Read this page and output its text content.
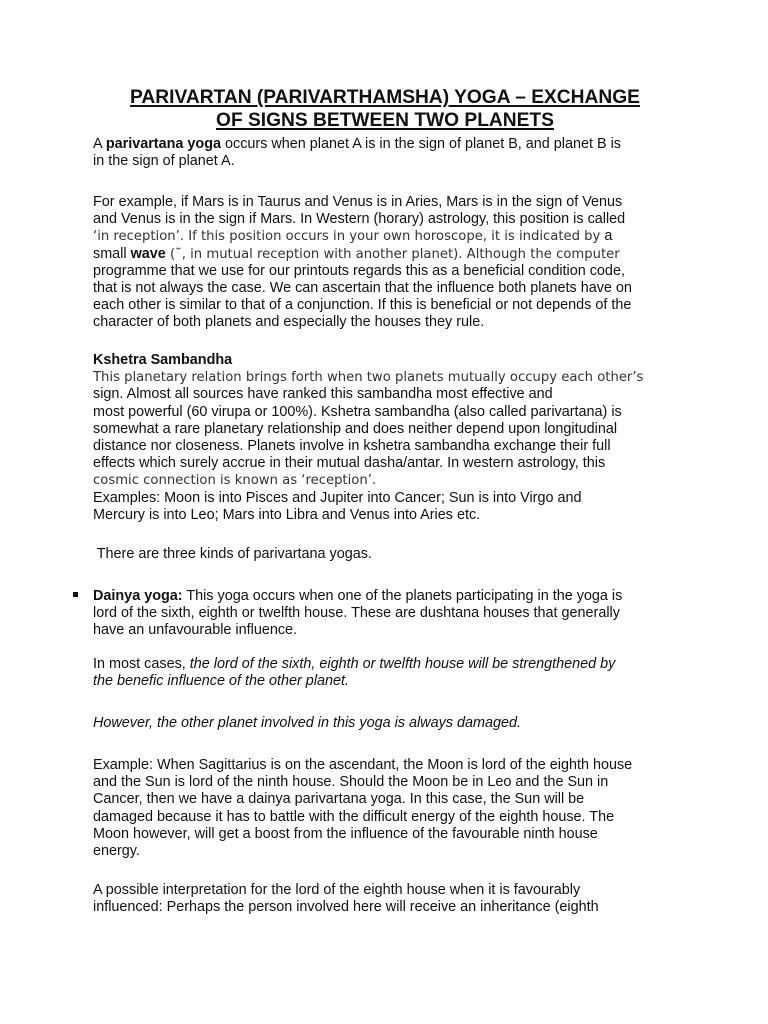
PARIVARTAN (PARIVARTHAMSHA) YOGA – EXCHANGE
OF SIGNS BETWEEN TWO PLANETS

A parivartana yoga occurs when planet A is in the sign of planet B, and planet B is
in the sign of planet A.

For example, if Mars is in Taurus and Venus is in Aries, Mars is in the sign of Venus
and Venus is in the sign if Mars. In Western (horary) astrology, this position is called
‘in reception’. If this position occurs in your own horoscope, it is indicated by a
small wave (˜, in mutual reception with another planet). Although the computer
programme that we use for our printouts regards this as a beneficial condition code,
that is not always the case. We can ascertain that the influence both planets have on
each other is similar to that of a conjunction. If this is beneficial or not depends of the
character of both planets and especially the houses they rule.

Kshetra Sambandha
This planetary relation brings forth when two planets mutually occupy each other’s
sign. Almost all sources have ranked this sambandha most effective and
most powerful (60 virupa or 100%). Kshetra sambandha (also called parivartana) is
somewhat a rare planetary relationship and does neither depend upon longitudinal
distance nor closeness. Planets involve in kshetra sambandha exchange their full
effects which surely accrue in their mutual dasha/antar. In western astrology, this
cosmic connection is known as ‘reception’.
Examples: Moon is into Pisces and Jupiter into Cancer; Sun is into Virgo and
Mercury is into Leo; Mars into Libra and Venus into Aries etc.

There are three kinds of parivartana yogas.

Dainya yoga: This yoga occurs when one of the planets participating in the yoga is
lord of the sixth, eighth or twelfth house. These are dushtana houses that generally
have an unfavourable influence.

In most cases, the lord of the sixth, eighth or twelfth house will be strengthened by
the benefic influence of the other planet.

However, the other planet involved in this yoga is always damaged.

Example: When Sagittarius is on the ascendant, the Moon is lord of the eighth house
and the Sun is lord of the ninth house. Should the Moon be in Leo and the Sun in
Cancer, then we have a dainya parivartana yoga. In this case, the Sun will be
damaged because it has to battle with the difficult energy of the eighth house. The
Moon however, will get a boost from the influence of the favourable ninth house
energy.

A possible interpretation for the lord of the eighth house when it is favourably
influenced: Perhaps the person involved here will receive an inheritance (eighth
